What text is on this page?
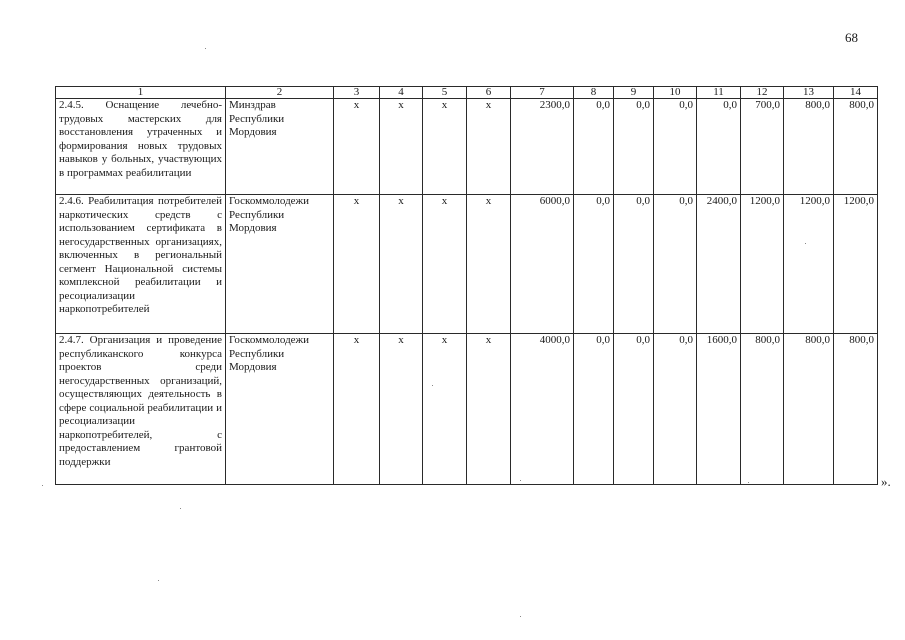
68
1	2	3	4	5	6	7	8	9	10	11	12	13	14
2.4.5. Оснащение лечебно-трудовых мастерских для восстановления утраченных и формирования новых трудовых навыков у больных, участвующих в программах реабилитации	Минздрав Республики Мордовия	x	x	x	x	2300,0	0,0	0,0	0,0	0,0	700,0	800,0	800,0
2.4.6. Реабилитация потребителей наркотических средств с использованием сертификата в негосударственных организациях, включенных в региональный сегмент Национальной системы комплексной реабилитации и ресоциализации наркопотребителей	Госкоммолодежи Республики Мордовия	x	x	x	x	6000,0	0,0	0,0	0,0	2400,0	1200,0	1200,0	1200,0
2.4.7. Организация и проведение республиканского конкурса проектов среди негосударственных организаций, осуществляющих деятельность в сфере социальной реабилитации и ресоциализации наркопотребителей, с предоставлением грантовой поддержки	Госкоммолодежи Республики Мордовия	x	x	x	x	4000,0	0,0	0,0	0,0	1600,0	800,0	800,0	800,0
».
